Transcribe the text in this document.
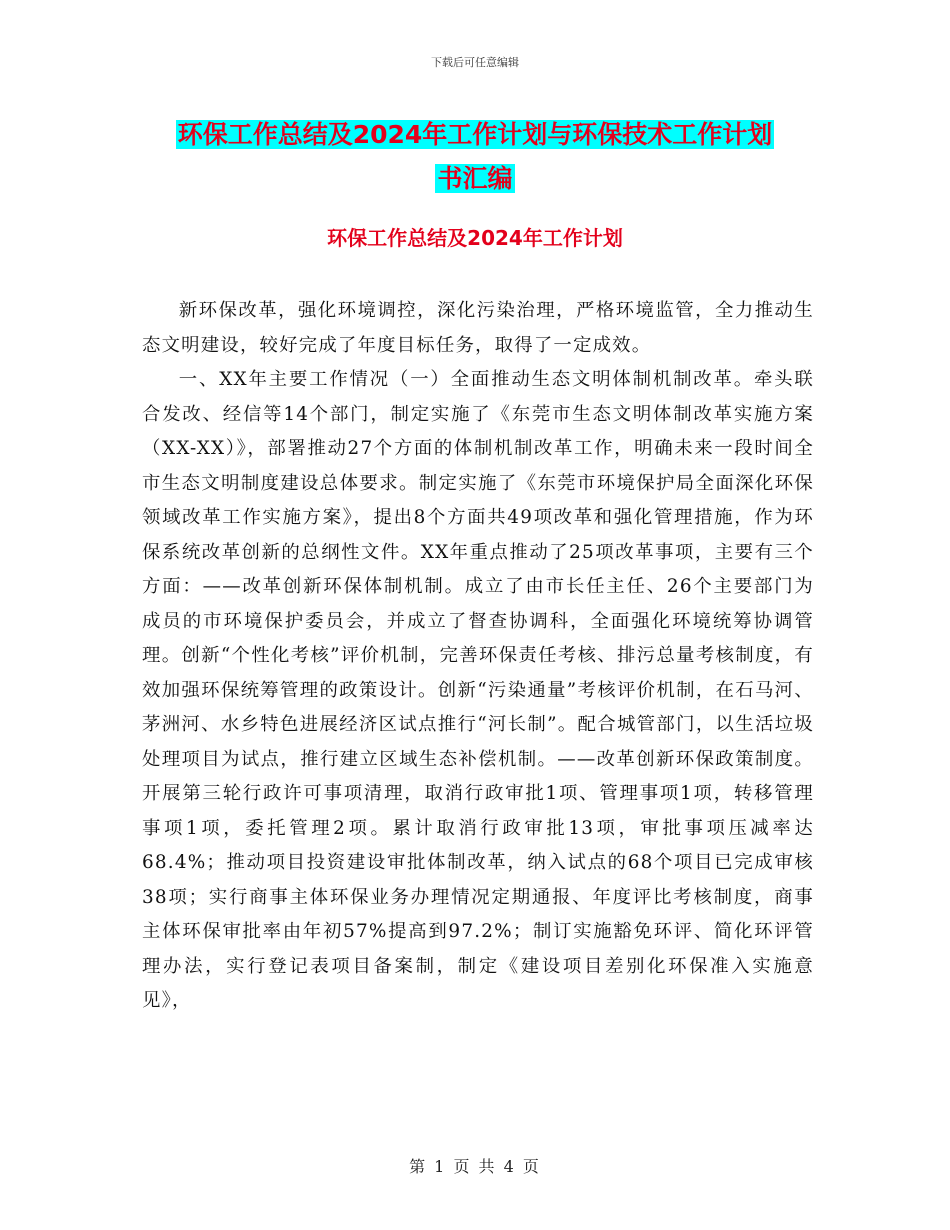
下载后可任意编辑
环保工作总结及2024年工作计划与环保技术工作计划
书汇编
环保工作总结及2024年工作计划

新环保改革，强化环境调控，深化污染治理，严格环境监管，全力推动生态文明建设，较好完成了年度目标任务，取得了一定成效。

一、XX年主要工作情况（一）全面推动生态文明体制机制改革。牵头联合发改、经信等14个部门，制定实施了《东莞市生态文明体制改革实施方案（XX-XX）》，部署推动27个方面的体制机制改革工作，明确未来一段时间全市生态文明制度建设总体要求。制定实施了《东莞市环境保护局全面深化环保领域改革工作实施方案》，提出8个方面共49项改革和强化管理措施，作为环保系统改革创新的总纲性文件。XX年重点推动了25项改革事项，主要有三个方面：——改革创新环保体制机制。成立了由市长任主任、26个主要部门为成员的市环境保护委员会，并成立了督查协调科，全面强化环境统筹协调管理。创新“个性化考核”评价机制，完善环保责任考核、排污总量考核制度，有效加强环保统筹管理的政策设计。创新“污染通量”考核评价机制，在石马河、茅洲河、水乡特色进展经济区试点推行“河长制”。配合城管部门，以生活垃圾处理项目为试点，推行建立区域生态补偿机制。——改革创新环保政策制度。开展第三轮行政许可事项清理，取消行政审批1项、管理事项1项，转移管理事项1项，委托管理2项。累计取消行政审批13项，审批事项压减率达68.4%；推动项目投资建设审批体制改革，纳入试点的68个项目已完成审核38项；实行商事主体环保业务办理情况定期通报、年度评比考核制度，商事主体环保审批率由年初57%提高到97.2%；制订实施豁免环评、简化环评管理办法，实行登记表项目备案制，制定《建设项目差别化环保准入实施意见》，

第 1 页 共 4 页
